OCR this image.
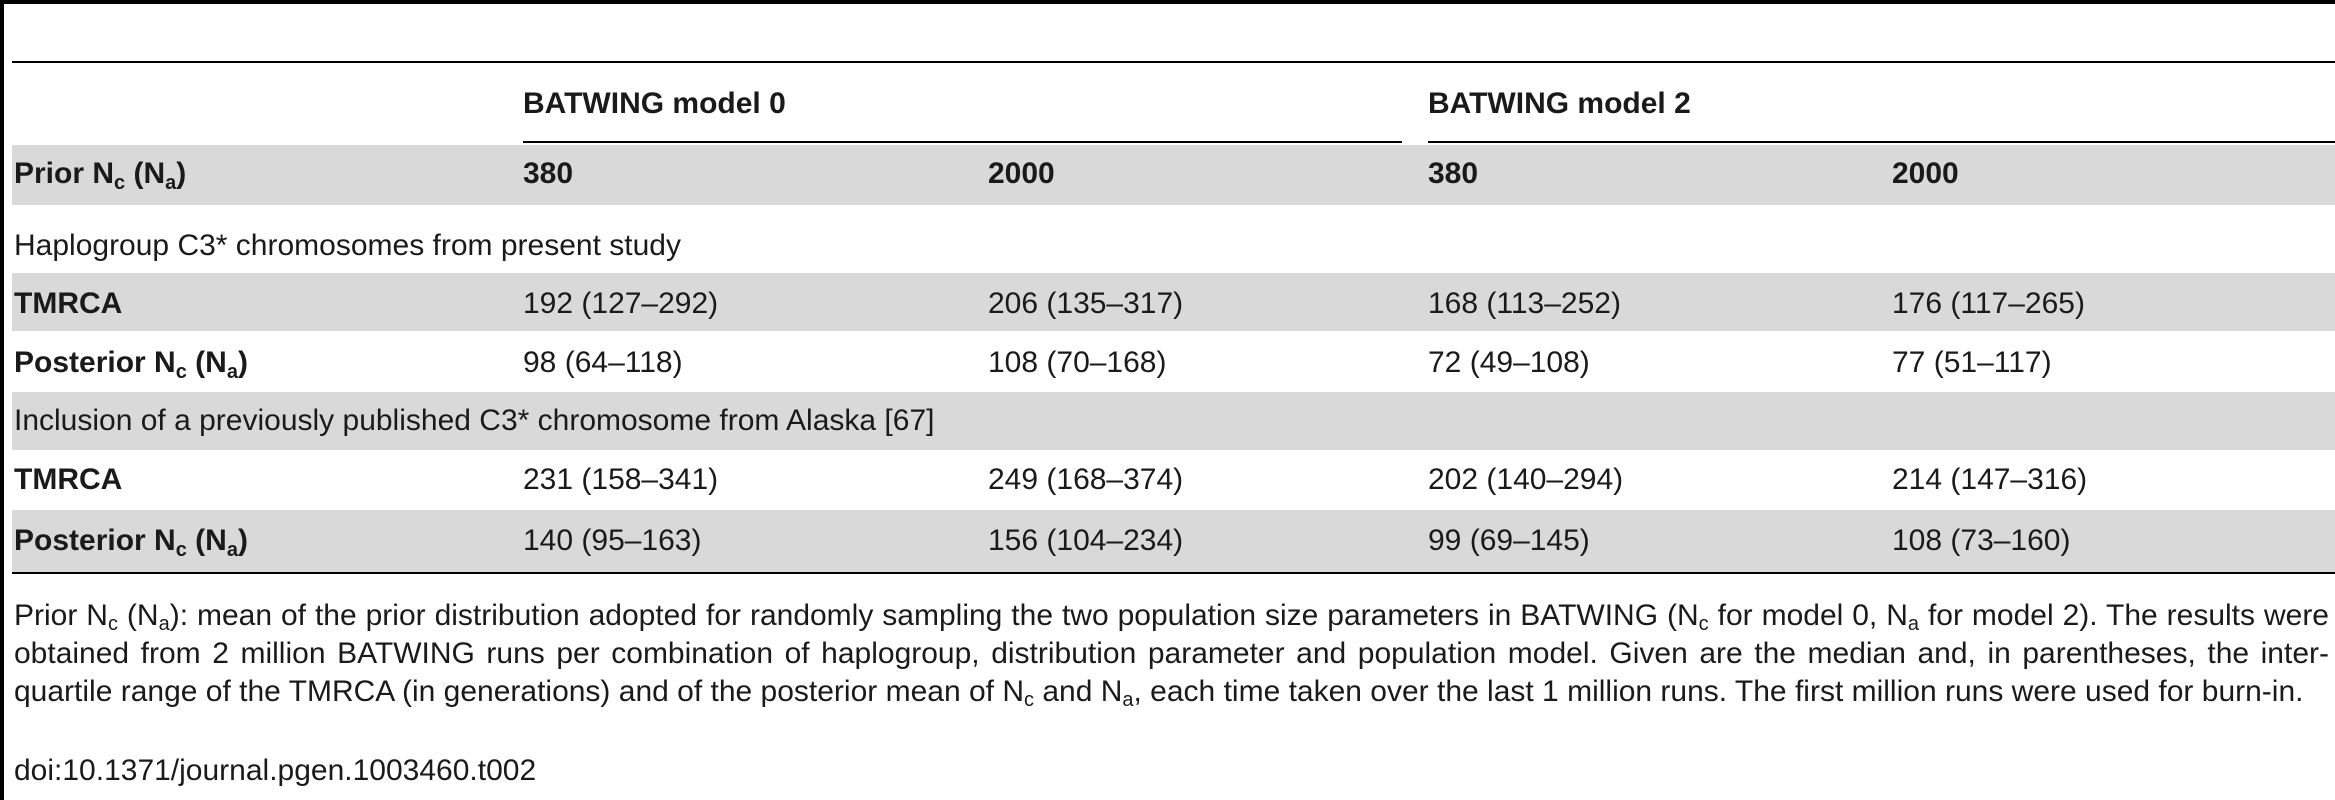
BATWING model 0	BATWING model 2
Prior $N_c$ $(N_a)$	380	2000	380	2000
Haplogroup C3* chromosomes from present study
TMRCA	192 (127–292)	206 (135–317)	168 (113–252)	176 (117–265)
Posterior $N_c$ $(N_a)$	98 (64–118)	108 (70–168)	72 (49–108)	77 (51–117)
Inclusion of a previously published C3* chromosome from Alaska [67]
TMRCA	231 (158–341)	249 (168–374)	202 (140–294)	214 (147–316)
Posterior $N_c$ $(N_a)$	140 (95–163)	156 (104–234)	99 (69–145)	108 (73–160)
Prior $N_c$ $(N_a)$: mean of the prior distribution adopted for randomly sampling the two population size parameters in BATWING ($N_c$ for model 0, $N_a$ for model 2). The results were obtained from 2 million BATWING runs per combination of haplogroup, distribution parameter and population model. Given are the median and, in parentheses, the inter-quartile range of the TMRCA (in generations) and of the posterior mean of $N_c$ and $N_a$, each time taken over the last 1 million runs. The first million runs were used for burn-in.
doi:10.1371/journal.pgen.1003460.t002
